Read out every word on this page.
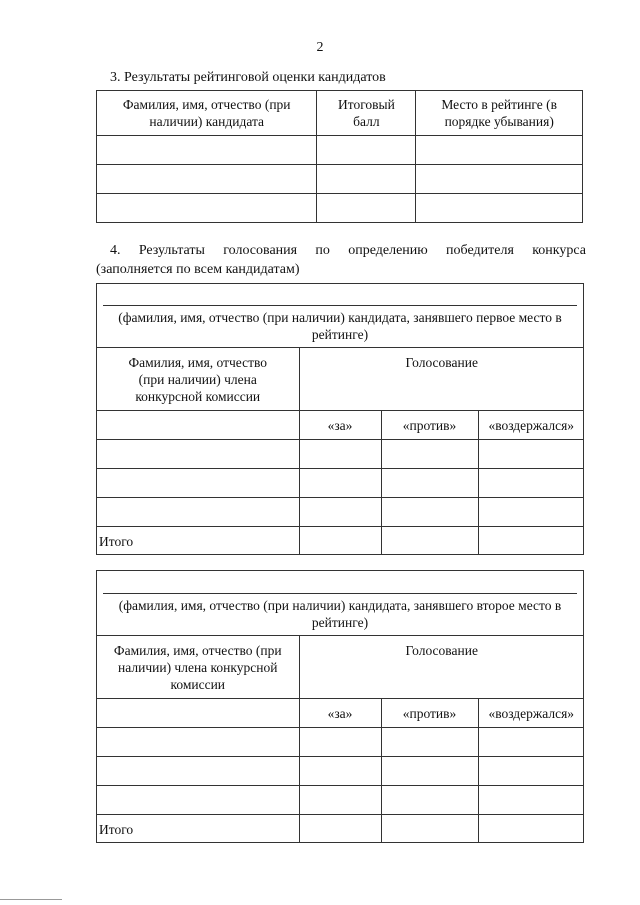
2
3. Результаты рейтинговой оценки кандидатов
Фамилия, имя, отчество (при наличии) кандидата	Итоговый балл	Место в рейтинге (в порядке убывания)

4. Результаты голосования по определению победителя конкурса
(заполняется по всем кандидатам)
(фамилия, имя, отчество (при наличии) кандидата, занявшего первое место в рейтинге)
Фамилия, имя, отчество (при наличии) члена конкурсной комиссии	Голосование		
	«за»	«против»	«воздержался»

Итого			
(фамилия, имя, отчество (при наличии) кандидата, занявшего второе место в рейтинге)
Фамилия, имя, отчество (при наличии) члена конкурсной комиссии	Голосование		
	«за»	«против»	«воздержался»

Итого			
